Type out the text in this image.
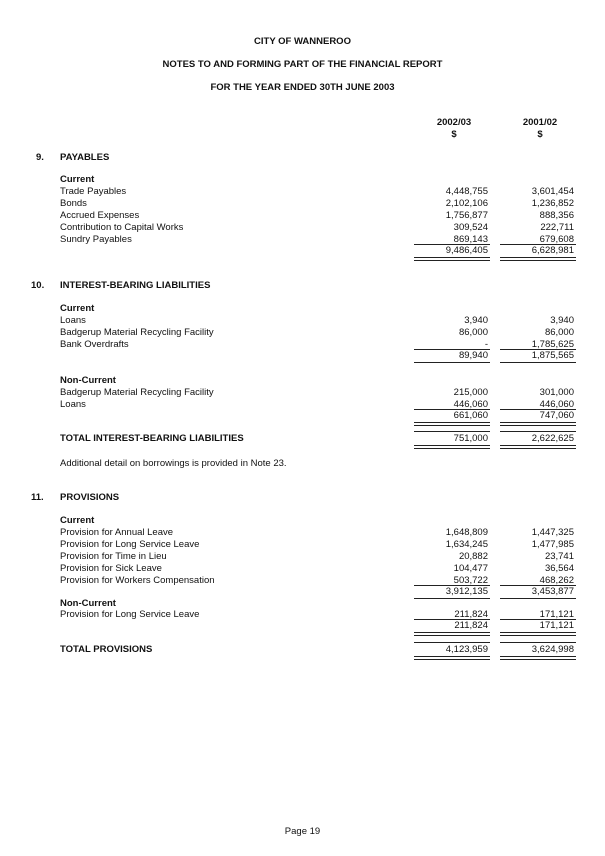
CITY OF WANNEROO
NOTES TO AND FORMING PART OF THE FINANCIAL REPORT
FOR THE YEAR ENDED 30TH JUNE 2003
2002/03	2001/02
$	$
9. PAYABLES
Current
Trade Payables	4,448,755	3,601,454
Bonds	2,102,106	1,236,852
Accrued Expenses	1,756,877	888,356
Contribution to Capital Works	309,524	222,711
Sundry Payables	869,143	679,608
9,486,405	6,628,981
10. INTEREST-BEARING LIABILITIES
Current
Loans	3,940	3,940
Badgerup Material Recycling Facility	86,000	86,000
Bank Overdrafts	-	1,785,625
89,940	1,875,565
Non-Current
Badgerup Material Recycling Facility	215,000	301,000
Loans	446,060	446,060
661,060	747,060
TOTAL INTEREST-BEARING LIABILITIES	751,000	2,622,625
Additional detail on borrowings is provided in Note 23.
11. PROVISIONS
Current
Provision for Annual Leave	1,648,809	1,447,325
Provision for Long Service Leave	1,634,245	1,477,985
Provision for Time in Lieu	20,882	23,741
Provision for Sick Leave	104,477	36,564
Provision for Workers Compensation	503,722	468,262
3,912,135	3,453,877
Non-Current
Provision for Long Service Leave	211,824	171,121
211,824	171,121
TOTAL PROVISIONS	4,123,959	3,624,998
Page 19
